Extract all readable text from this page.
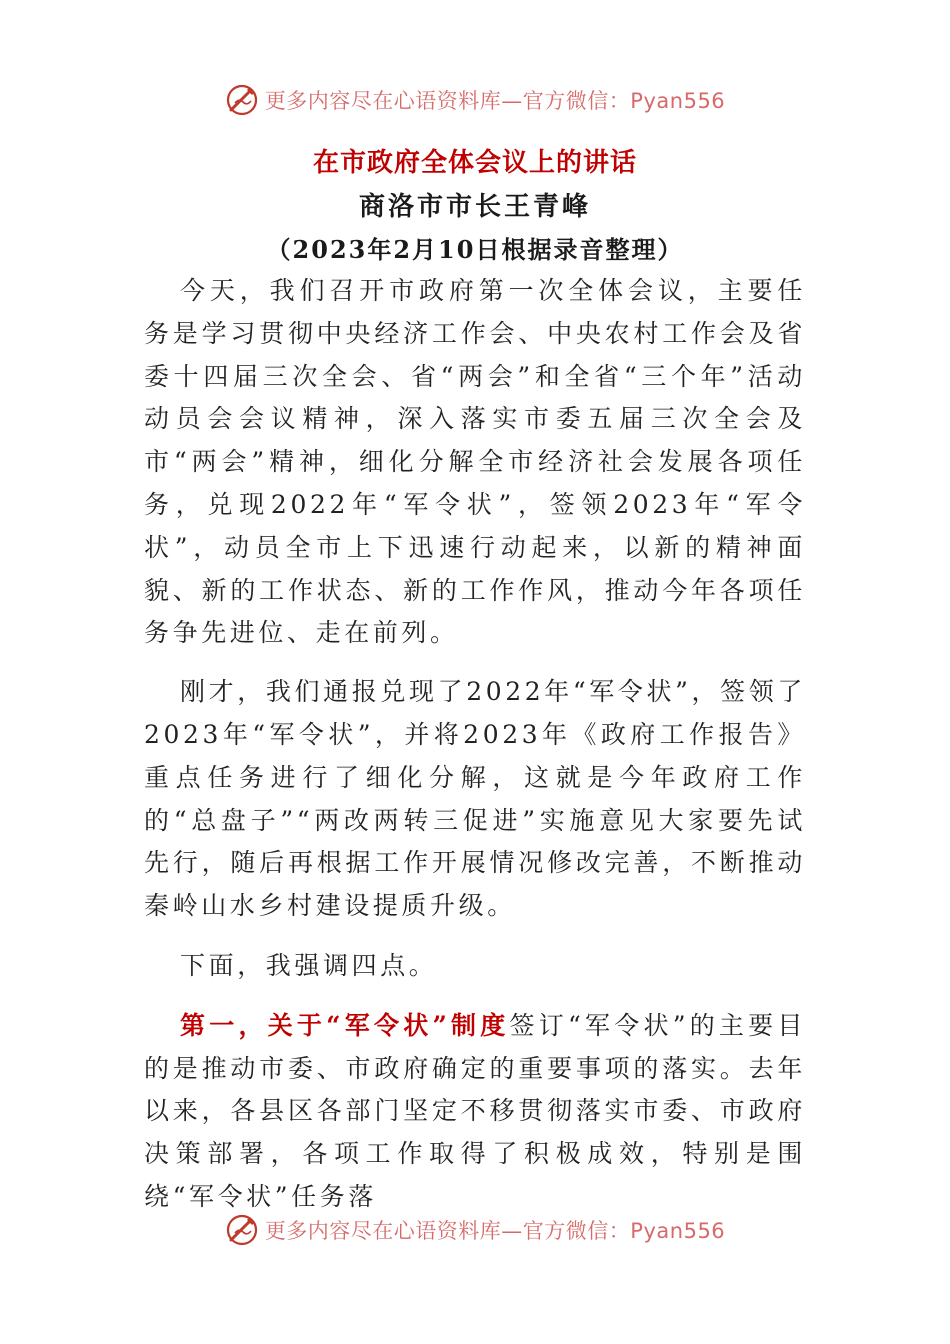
更多内容尽在心语资料库—官方微信：Pyan556
在市政府全体会议上的讲话
商洛市市长王青峰
（2023年2月10日根据录音整理）

今天，我们召开市政府第一次全体会议，主要任务是学习贯彻中央经济工作会、中央农村工作会及省委十四届三次全会、省“两会”和全省“三个年”活动动员会会议精神，深入落实市委五届三次全会及市“两会”精神，细化分解全市经济社会发展各项任务，兑现2022年“军令状”，签领2023年“军令状”，动员全市上下迅速行动起来，以新的精神面貌、新的工作状态、新的工作作风，推动今年各项任务争先进位、走在前列。

刚才，我们通报兑现了2022年“军令状”，签领了2023年“军令状”，并将2023年《政府工作报告》重点任务进行了细化分解，这就是今年政府工作的“总盘子”“两改两转三促进”实施意见大家要先试先行，随后再根据工作开展情况修改完善，不断推动秦岭山水乡村建设提质升级。

下面，我强调四点。

第一，关于“军令状”制度签订“军令状”的主要目的是推动市委、市政府确定的重要事项的落实。去年以来，各县区各部门坚定不移贯彻落实市委、市政府决策部署，各项工作取得了积极成效，特别是围绕“军令状”任务落

更多内容尽在心语资料库—官方微信：Pyan556
